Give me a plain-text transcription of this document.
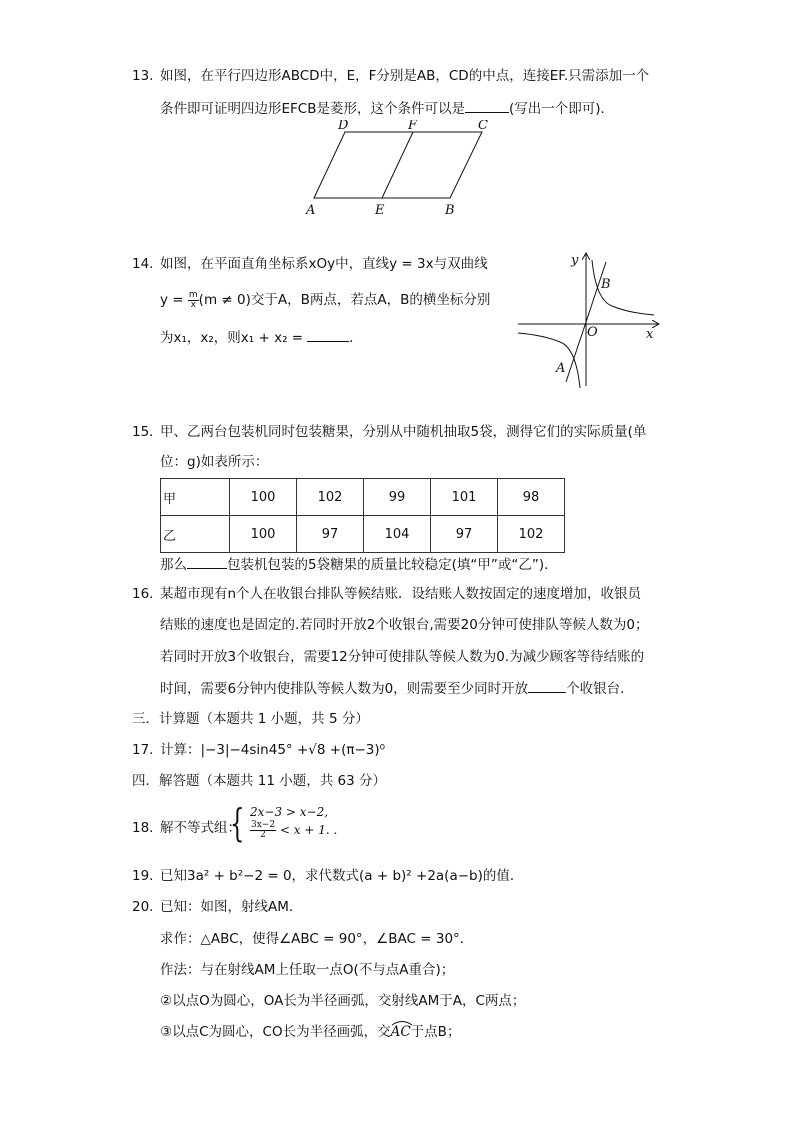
13. 如图，在平行四边形ABCD中，E，F分别是AB，CD的中点，连接EF.只需添加一个
条件即可证明四边形EFCB是菱形，这个条件可以是	(写出一个即可)．
D	F	C
A	E	B
14. 如图，在平面直角坐标系xOy中，直线y = 3x与双曲线
$y = \frac{m}{x} (m \ne 0)$交于A，B两点，若点A，B的横坐标分别
为x₁，x₂，则x₁ + x₂ =	．
y
x
O
B
A
15. 甲、乙两台包装机同时包装糖果，分别从中随机抽取5袋，测得它们的实际质量(单
位：g)如表所示：
甲	100	102	99	101	98
乙	100	97	104	97	102
那么	包装机包装的5袋糖果的质量比较稳定(填“甲”或“乙”)．
16. 某超市现有n个人在收银台排队等候结账．设结账人数按固定的速度增加，收银员
结账的速度也是固定的.若同时开放2个收银台,需要20分钟可使排队等候人数为0；
若同时开放3个收银台，需要12分钟可使排队等候人数为0.为减少顾客等待结账的
时间，需要6分钟内使排队等候人数为0，则需要至少同时开放	个收银台．
三．计算题（本题共 1 小题，共 5 分）
17. 计算：|−3|−4sin45° +√8 +(π−3)⁰
四．解答题（本题共 11 小题，共 63 分）
18. 解不等式组：
{ 2x−3 > x−2,
$\frac{3x-2}{2} < x + 1$. .
19. 已知3a² + b²−2 = 0，求代数式(a + b)² +2a(a−b)的值．
20. 已知：如图，射线AM．
求作：△ABC，使得∠ABC = 90°，∠BAC = 30°．
作法：与在射线AM上任取一点O(不与点A重合)；
②以点O为圆心，OA长为半径画弧，交射线AM于A，C两点；
③以点C为圆心，CO长为半径画弧，交
AC于点B；
